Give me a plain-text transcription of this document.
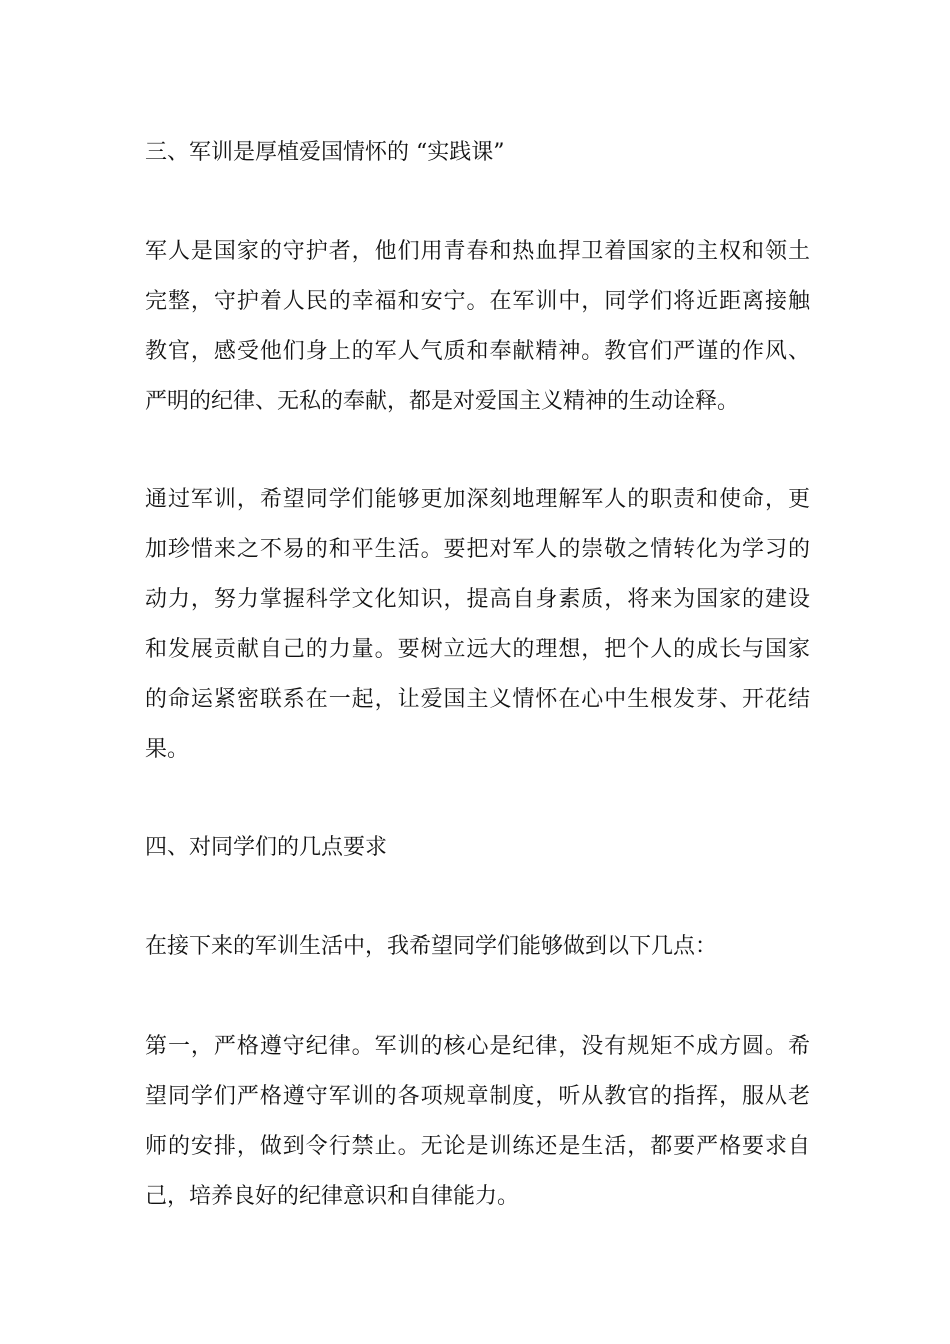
三、军训是厚植爱国情怀的 “实践课”

军人是国家的守护者，他们用青春和热血捍卫着国家的主权和领土
完整，守护着人民的幸福和安宁。在军训中，同学们将近距离接触
教官，感受他们身上的军人气质和奉献精神。教官们严谨的作风、
严明的纪律、无私的奉献，都是对爱国主义精神的生动诠释。

通过军训，希望同学们能够更加深刻地理解军人的职责和使命，更
加珍惜来之不易的和平生活。要把对军人的崇敬之情转化为学习的
动力，努力掌握科学文化知识，提高自身素质，将来为国家的建设
和发展贡献自己的力量。要树立远大的理想，把个人的成长与国家
的命运紧密联系在一起，让爱国主义情怀在心中生根发芽、开花结
果。

四、对同学们的几点要求

在接下来的军训生活中，我希望同学们能够做到以下几点：

第一，严格遵守纪律。军训的核心是纪律，没有规矩不成方圆。希
望同学们严格遵守军训的各项规章制度，听从教官的指挥，服从老
师的安排，做到令行禁止。无论是训练还是生活，都要严格要求自
己，培养良好的纪律意识和自律能力。
